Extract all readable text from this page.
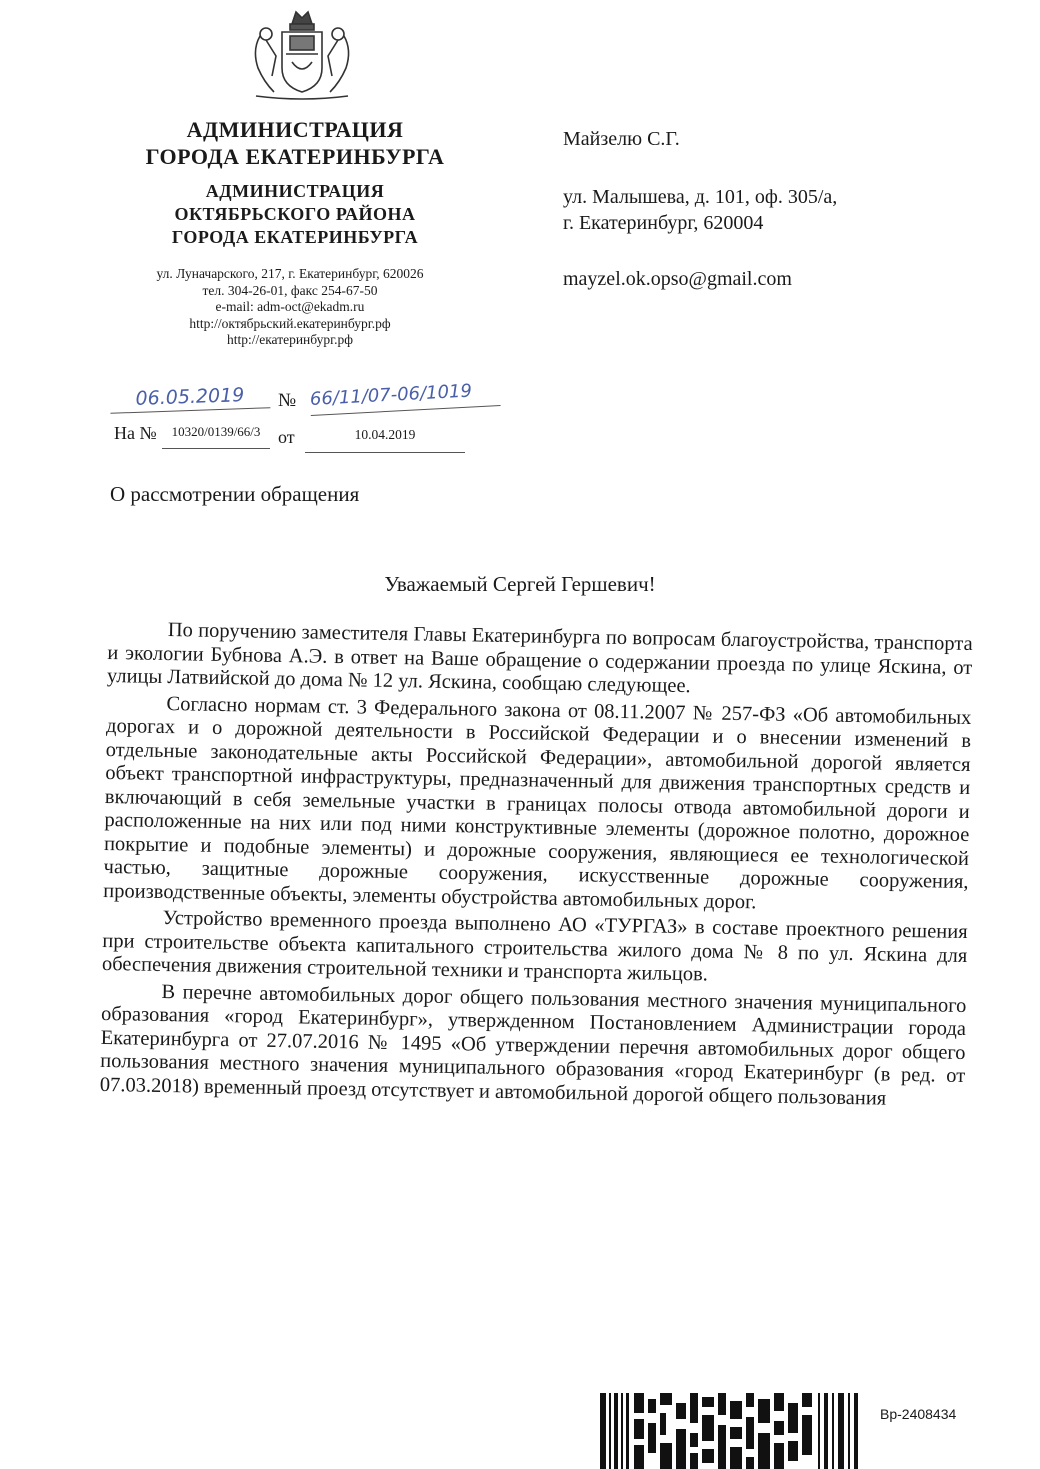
АДМИНИСТРАЦИЯ
ГОРОДА ЕКАТЕРИНБУРГА
АДМИНИСТРАЦИЯ
ОКТЯБРЬСКОГО РАЙОНА
ГОРОДА ЕКАТЕРИНБУРГА
ул. Луначарского, 217, г. Екатеринбург, 620026
тел. 304-26-01, факс 254-67-50
e-mail: adm-oct@ekadm.ru
http://октябрьский.екатеринбург.рф
http://екатеринбург.рф
Майзелю С.Г.
ул. Малышева, д. 101, оф. 305/а,
г. Екатеринбург, 620004
mayzel.ok.opso@gmail.com
06.05.2019	№ 66/11/07-06/1019
На №	10320/0139/66/3 от	10.04.2019
О рассмотрении обращения
Уважаемый Сергей Гершевич!

По поручению заместителя Главы Екатеринбурга по вопросам благоустройства, транспорта и экологии Бубнова А.Э. в ответ на Ваше обращение о содержании проезда по улице Яскина, от улицы Латвийской до дома № 12 ул. Яскина, сообщаю следующее.

Согласно нормам ст. 3 Федерального закона от 08.11.2007 № 257-ФЗ «Об автомобильных дорогах и о дорожной деятельности в Российской Федерации и о внесении изменений в отдельные законодательные акты Российской Федерации», автомобильной дорогой является объект транспортной инфраструктуры, предназначенный для движения транспортных средств и включающий в себя земельные участки в границах полосы отвода автомобильной дороги и расположенные на них или под ними конструктивные элементы (дорожное полотно, дорожное покрытие и подобные элементы) и дорожные сооружения, являющиеся ее технологической частью, защитные дорожные сооружения, искусственные дорожные сооружения, производственные объекты, элементы обустройства автомобильных дорог.

Устройство временного проезда выполнено АО «ТУРГАЗ» в составе проектного решения при строительстве объекта капитального строительства жилого дома № 8 по ул. Яскина для обеспечения движения строительной техники и транспорта жильцов.

В перечне автомобильных дорог общего пользования местного значения муниципального образования «город Екатеринбург», утвержденном Постановлением Администрации города Екатеринбурга от 27.07.2016 № 1495 «Об утверждении перечня автомобильных дорог общего пользования местного значения муниципального образования «город Екатеринбург (в ред. от 07.03.2018) временный проезд отсутствует и автомобильной дорогой общего пользования

Вр-2408434
